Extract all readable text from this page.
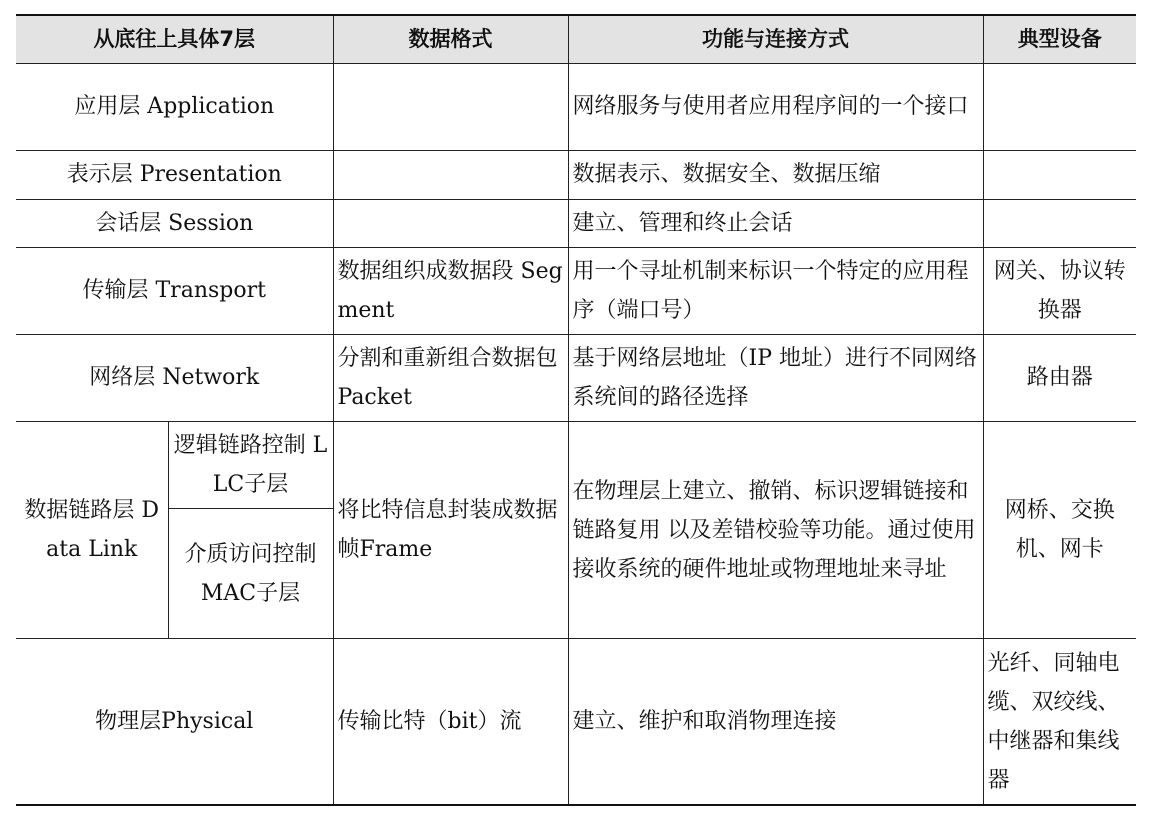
从底往上具体7层		数据格式	功能与连接方式	典型设备
应用层 Application			网络服务与使用者应用程序间的一个接口	
表示层 Presentation			数据表示、数据安全、数据压缩	
会话层 Session			建立、管理和终止会话	
传输层 Transport		数据组织成数据段 Segment	用一个寻址机制来标识一个特定的应用程序（端口号）	网关、协议转换器
网络层 Network		分割和重新组合数据包 Packet	基于网络层地址（IP 地址）进行不同网络系统间的路径选择	路由器
数据链路层 Data Link	逻辑链路控制 LLC子层	将比特信息封装成数据帧Frame	在物理层上建立、撤销、标识逻辑链接和链路复用 以及差错校验等功能。通过使用接收系统的硬件地址或物理地址来寻址	网桥、交换机、网卡
	介质访问控制 MAC子层			
物理层Physical		传输比特（bit）流	建立、维护和取消物理连接	光纤、同轴电缆、双绞线、中继器和集线器
